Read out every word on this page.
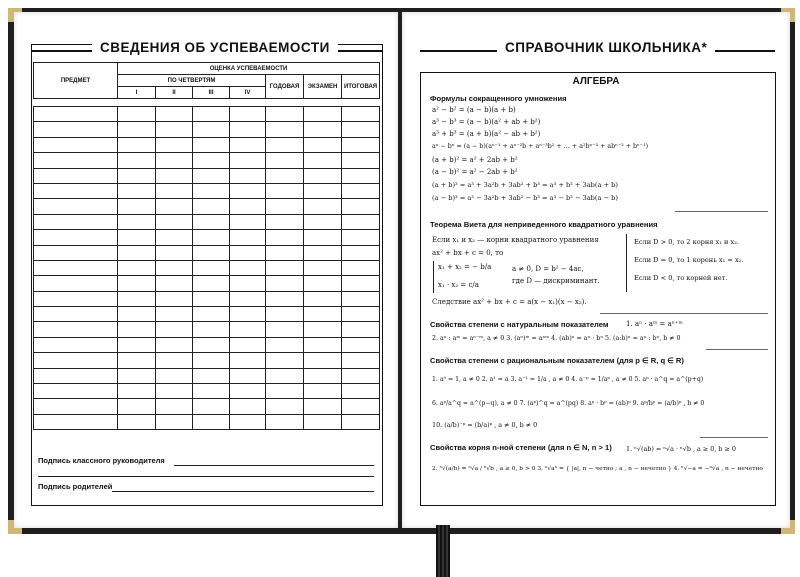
СВЕДЕНИЯ ОБ УСПЕВАЕМОСТИ
ПРЕДМЕТ	ОЦЕНКА УСПЕВАЕМОСТИ						
	ПО ЧЕТВЕРТЯМ				ГОДОВАЯ	ЭКЗАМЕН	ИТОГОВАЯ
	I	II	III	IV			

Подпись классного руководителя
Подпись родителей
СПРАВОЧНИК ШКОЛЬНИКА*
АЛГЕБРА
Формулы сокращенного умножения
a² − b² = (a − b)(a + b)
a³ − b³ = (a − b)(a² + ab + b²)
a³ + b³ = (a + b)(a² − ab + b²)
aⁿ − bⁿ = (a − b)(aⁿ⁻¹ + aⁿ⁻²b + aⁿ⁻³b² + … + a²bⁿ⁻³ + abⁿ⁻² + bⁿ⁻¹)
(a + b)² = a² + 2ab + b²
(a − b)² = a² − 2ab + b²
(a + b)³ = a³ + 3a²b + 3ab² + b³ = a³ + b³ + 3ab(a + b)
(a − b)³ = a³ − 3a²b + 3ab² − b³ = a³ − b³ − 3ab(a − b)
Теорема Виета для неприведенного квадратного уравнения
Если x₁ и x₂ — корни квадратного уравнения
ax² + bx + c = 0, то
x₁ + x₂ = − b/a
x₁ · x₂ = c/a
a ≠ 0, D = b² − 4ac,
где D — дискриминант.
Следствие ax² + bx + c = a(x − x₁)(x − x₂).
Если D > 0, то 2 корня x₁ и x₂.
Если D = 0, то 1 корень x₁ = x₂.
Если D < 0, то корней нет.
Свойства степени с натуральным показателем 1. aⁿ · aᵐ = aⁿ⁺ᵐ
2. aⁿ : aᵐ = aⁿ⁻ᵐ, a ≠ 0 3. (aⁿ)ᵐ = aⁿᵐ 4. (ab)ⁿ = aⁿ · bⁿ 5. (a:b)ⁿ = aⁿ : bⁿ, b ≠ 0
Свойства степени с рациональным показателем (для p ∈ R, q ∈ R)
1. a⁰ = 1, a ≠ 0 2. a¹ = a 3. a⁻¹ = 1/a , a ≠ 0 4. a⁻ᵖ = 1/aᵖ , a ≠ 0 5. aᵖ · a^q = a^(p+q)
6. aᵖ/a^q = a^(p−q), a ≠ 0 7. (aᵖ)^q = a^(pq) 8. aᵖ · bᵖ = (ab)ᵖ 9. aᵖ/bᵖ = (a/b)ᵖ , b ≠ 0
10. (a/b)⁻ᵖ = (b/a)ᵖ , a ≠ 0, b ≠ 0
Свойства корня n-ной степени (для n ∈ N, n > 1) 1. ⁿ√(ab) = ⁿ√a · ⁿ√b , a ≥ 0, b ≥ 0
2. ⁿ√(a/b) = ⁿ√a / ⁿ√b , a ≥ 0, b > 0 3. ⁿ√aⁿ = { |a|, n − четно ; a , n − нечетно } 4. ⁿ√−a = −ⁿ√a , n − нечетно
